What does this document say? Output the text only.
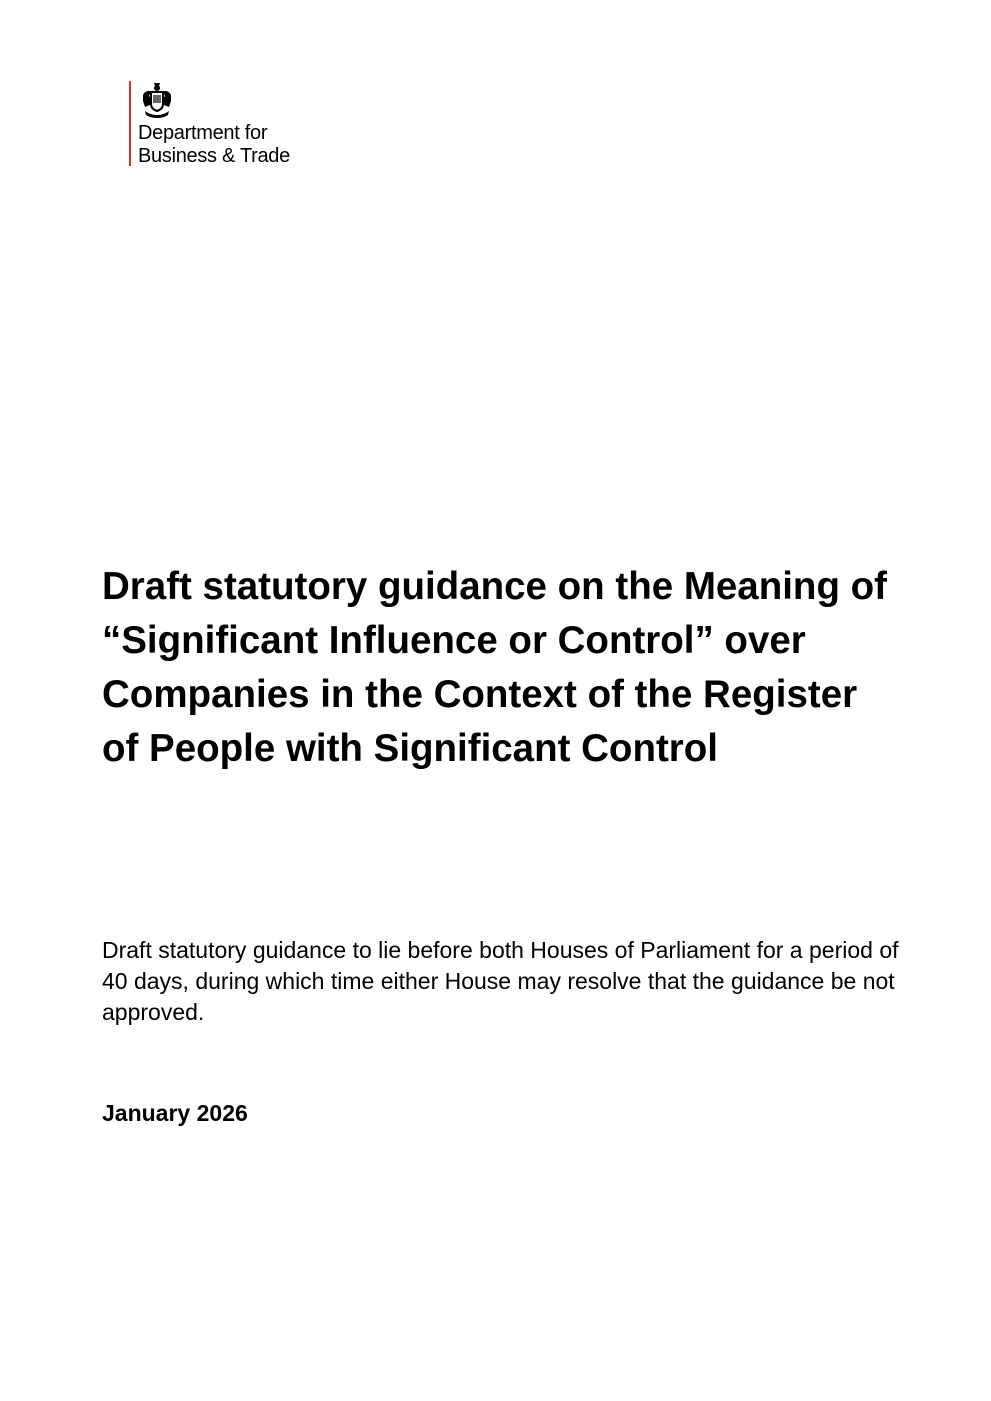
Department for
Business & Trade
Draft statutory guidance on the Meaning of “Significant Influence or Control” over Companies in the Context of the Register of People with Significant Control

Draft statutory guidance to lie before both Houses of Parliament for a period of 40 days, during which time either House may resolve that the guidance be not approved.

January 2026
